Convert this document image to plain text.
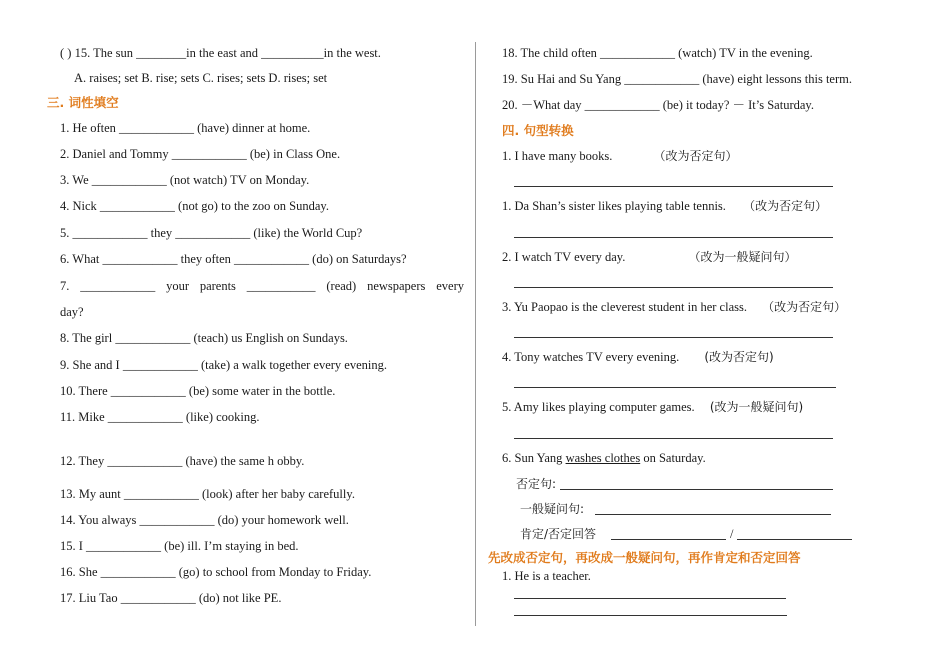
( ) 15. The sun ________in the east and __________in the west.
A. raises; set B. rise; sets C. rises; sets D. rises; set
三. 词性填空
1. He often ____________ (have) dinner at home.
2. Daniel and Tommy ____________ (be) in Class One.
3. We ____________ (not watch) TV on Monday.
4. Nick ____________ (not go) to the zoo on Sunday.
5. ____________ they ____________ (like) the World Cup?
6. What ____________ they often ____________ (do) on Saturdays?
7. ____________ your parents ___________ (read) newspapers every
day?
8. The girl ____________ (teach) us English on Sundays.
9. She and I ____________ (take) a walk together every evening.
10. There ____________ (be) some water in the bottle.
11. Mike ____________ (like) cooking.
12. They ____________ (have) the same h obby.
13. My aunt ____________ (look) after her baby carefully.
14. You always ____________ (do) your homework well.
15. I ____________ (be) ill. I’m staying in bed.
16. She ____________ (go) to school from Monday to Friday.
17. Liu Tao ____________ (do) not like PE.
18. The child often ____________ (watch) TV in the evening.
19. Su Hai and Su Yang ____________ (have) eight lessons this term.
20. －What day ____________ (be) it today? － It’s Saturday.
四. 句型转换
1. I have many books.	（改为否定句）
1. Da Shan’s sister likes playing table tennis. （改为否定句）
2. I watch TV every day.	（改为一般疑问句）
3. Yu Paopao is the cleverest student in her class. （改为否定句）
4. Tony watches TV every evening. (改为否定句)
5. Amy likes playing computer games. (改为一般疑问句)
6. Sun Yang washes clothes on Saturday.
否定句:
一般疑问句:
肯定/否定回答	/
先改成否定句，再改成一般疑问句，再作肯定和否定回答
1. He is a teacher.
